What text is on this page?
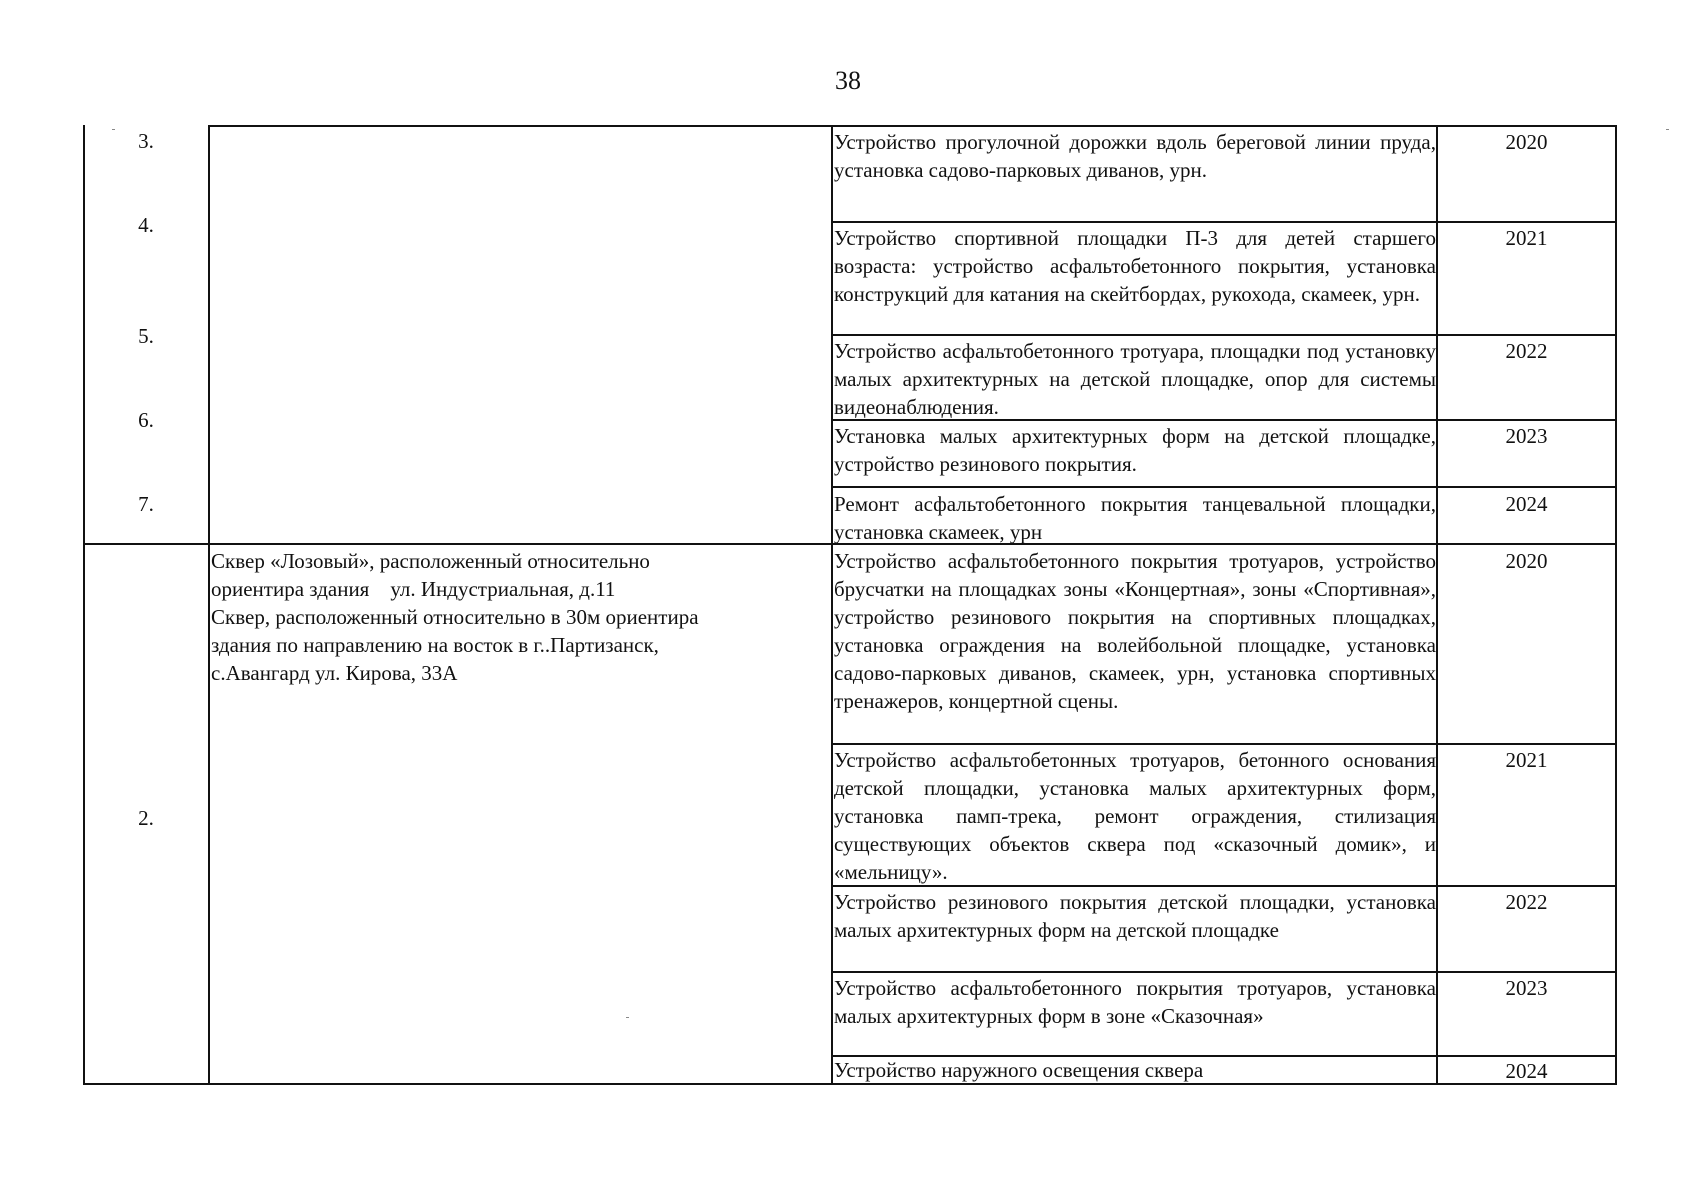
38
3.
4.
5.
6.
7.
Устройство прогулочной дорожки вдоль береговой линии пруда, установка садово-парковых диванов, урн.
2020
Устройство спортивной площадки П-3 для детей старшего возраста: устройство асфальтобетонного покрытия, установка конструкций для катания на скейтбордах, рукохода, скамеек, урн.
2021
Устройство асфальтобетонного тротуара, площадки под установку малых архитектурных на детской площадке, опор для системы видеонаблюдения.
2022
Установка малых архитектурных форм на детской площадке, устройство резинового покрытия.
2023
Ремонт асфальтобетонного покрытия танцевальной площадки, установка скамеек, урн
2024
2.
Сквер «Лозовый», расположенный относительно
ориентира здания    ул. Индустриальная, д.11
Сквер, расположенный относительно в 30м ориентира
здания по направлению на восток в г..Партизанск,
с.Авангард ул. Кирова, 33А
Устройство асфальтобетонного покрытия тротуаров, устройство брусчатки на площадках зоны «Концертная», зоны «Спортивная», устройство резинового покрытия на спортивных площадках, установка ограждения на волейбольной площадке, установка садово-парковых диванов, скамеек, урн, установка спортивных тренажеров, концертной сцены.
2020
Устройство асфальтобетонных тротуаров, бетонного основания детской площадки, установка малых архитектурных форм, установка памп-трека, ремонт ограждения, стилизация существующих объектов сквера под «сказочный домик», и «мельницу».
2021
Устройство резинового покрытия детской площадки, установка малых архитектурных форм на детской площадке
2022
Устройство асфальтобетонного покрытия тротуаров, установка малых архитектурных форм в зоне «Сказочная»
2023
Устройство наружного освещения сквера	2024
